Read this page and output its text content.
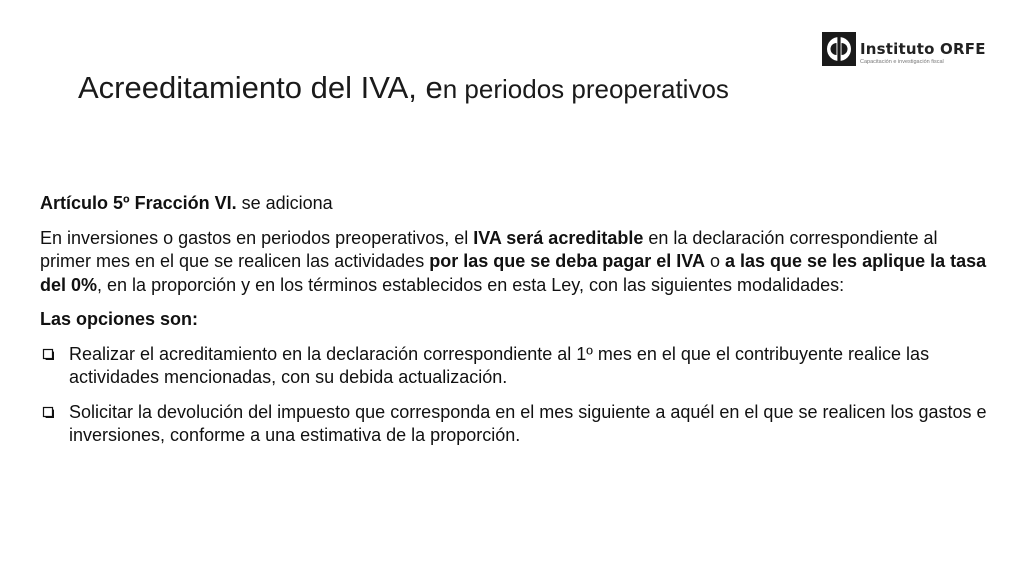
Instituto ORFE
Capacitación e investigación fiscal
Acreeditamiento del IVA, en periodos preoperativos

Artículo 5º Fracción VI. se adiciona

En inversiones o gastos en periodos preoperativos, el IVA será acreditable en la declaración correspondiente al primer mes en el que se realicen las actividades por las que se deba pagar el IVA o a las que se les aplique la tasa del 0%, en la proporción y en los términos establecidos en esta Ley, con las siguientes modalidades:

Las opciones son:

Realizar el acreditamiento en la declaración correspondiente al 1º mes en el que el contribuyente realice las actividades mencionadas, con su debida actualización.
Solicitar la devolución del impuesto que corresponda en el mes siguiente a aquél en el que se realicen los gastos e inversiones, conforme a una estimativa de la proporción.
